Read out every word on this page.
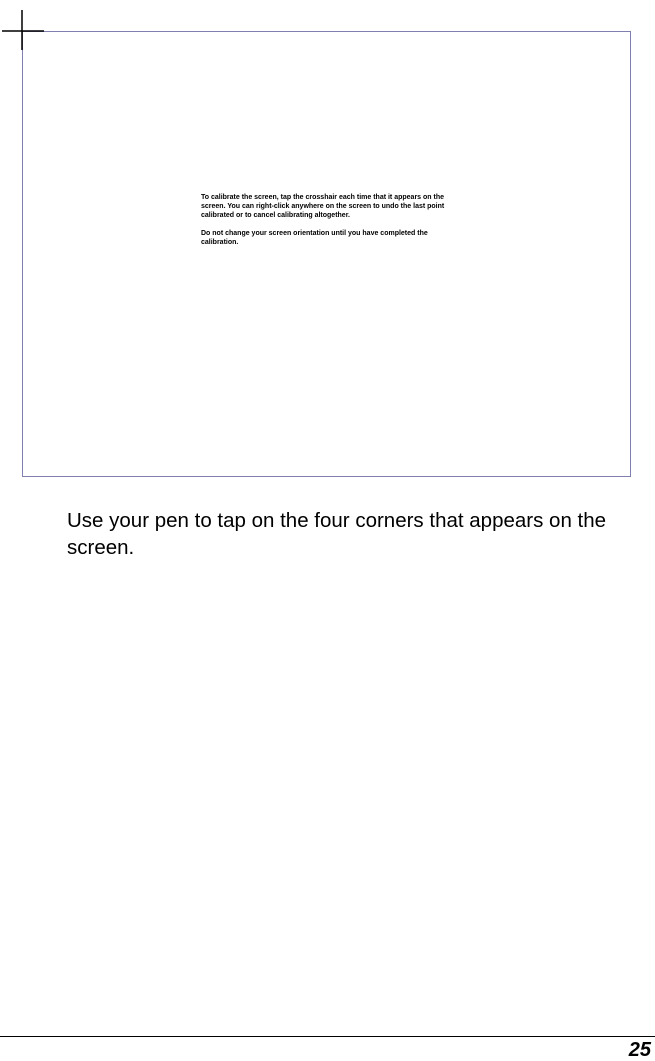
To calibrate the screen, tap the crosshair each time that it appears on the screen. You can right-click anywhere on the screen to undo the last point calibrated or to cancel calibrating altogether.

Do not change your screen orientation until you have completed the calibration.

Use your pen to tap on the four corners that appears on the screen.
25
